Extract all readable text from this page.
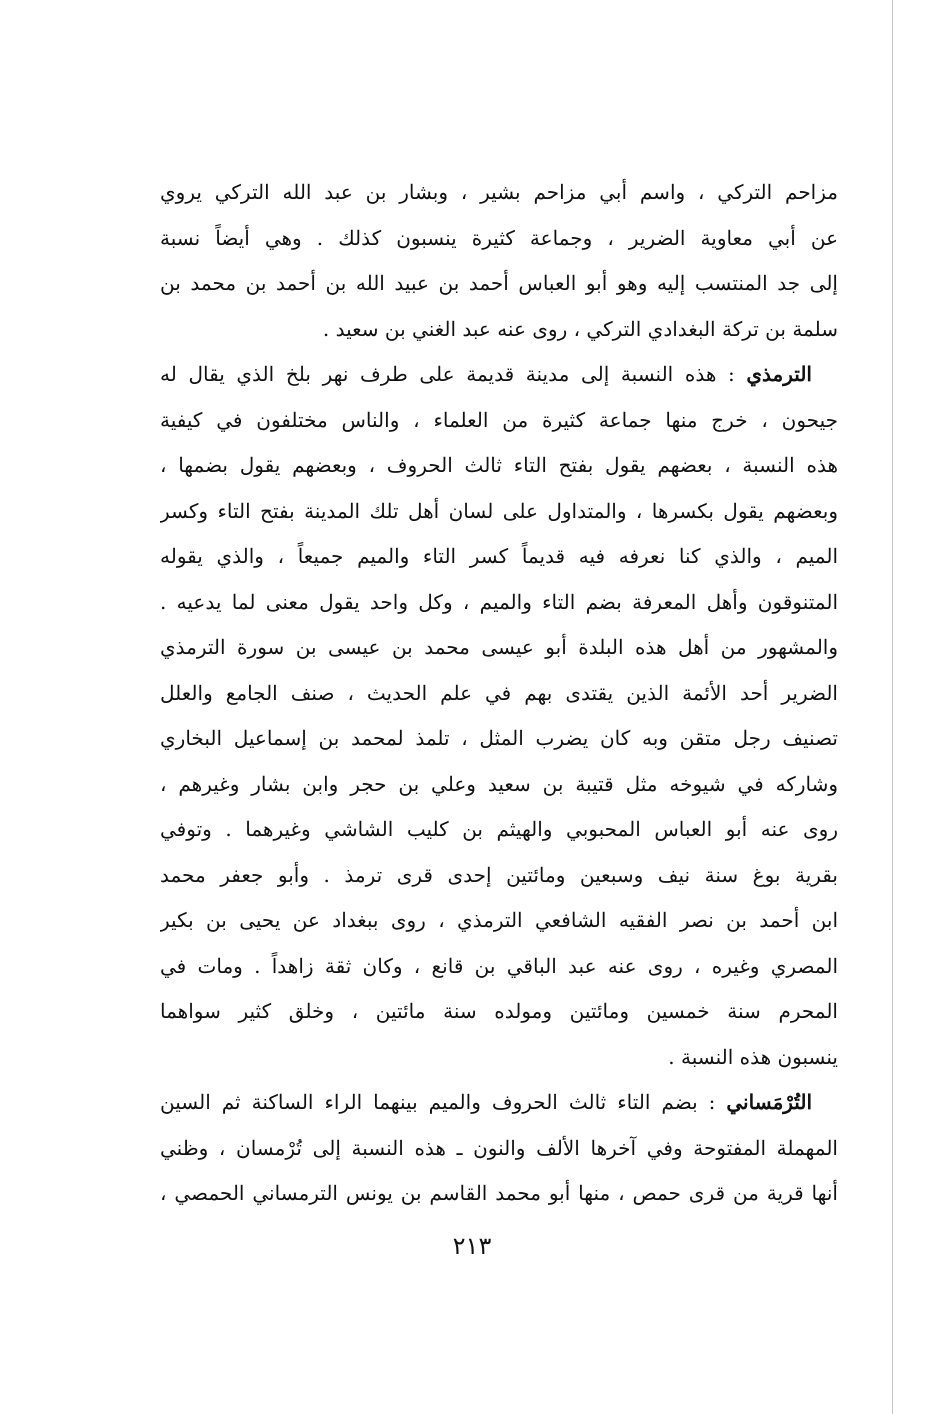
مزاحم التركي ، واسم أبي مزاحم بشير ، وبشار بن عبد الله التركي يروي
عن أبي معاوية الضرير ، وجماعة كثيرة ينسبون كذلك . وهي أيضاً نسبة
إلى جد المنتسب إليه وهو أبو العباس أحمد بن عبيد الله بن أحمد بن محمد بن
سلمة بن تركة البغدادي التركي ، روى عنه عبد الغني بن سعيد .
الترمذي : هذه النسبة إلى مدينة قديمة على طرف نهر بلخ الذي يقال له
جيحون ، خرج منها جماعة كثيرة من العلماء ، والناس مختلفون في كيفية
هذه النسبة ، بعضهم يقول بفتح التاء ثالث الحروف ، وبعضهم يقول بضمها ،
وبعضهم يقول بكسرها ، والمتداول على لسان أهل تلك المدينة بفتح التاء وكسر
الميم ، والذي كنا نعرفه فيه قديماً كسر التاء والميم جميعاً ، والذي يقوله
المتنوقون وأهل المعرفة بضم التاء والميم ، وكل واحد يقول معنى لما يدعيه .
والمشهور من أهل هذه البلدة أبو عيسى محمد بن عيسى بن سورة الترمذي
الضرير أحد الأئمة الذين يقتدى بهم في علم الحديث ، صنف الجامع والعلل
تصنيف رجل متقن وبه كان يضرب المثل ، تلمذ لمحمد بن إسماعيل البخاري
وشاركه في شيوخه مثل قتيبة بن سعيد وعلي بن حجر وابن بشار وغيرهم ،
روى عنه أبو العباس المحبوبي والهيثم بن كليب الشاشي وغيرهما . وتوفي
بقرية بوغ سنة نيف وسبعين ومائتين إحدى قرى ترمذ . وأبو جعفر محمد
ابن أحمد بن نصر الفقيه الشافعي الترمذي ، روى ببغداد عن يحيى بن بكير
المصري وغيره ، روى عنه عبد الباقي بن قانع ، وكان ثقة زاهداً . ومات في
المحرم سنة خمسين ومائتين ومولده سنة مائتين ، وخلق كثير سواهما
ينسبون هذه النسبة .
التُرْمَساني : بضم التاء ثالث الحروف والميم بينهما الراء الساكنة ثم السين
المهملة المفتوحة وفي آخرها الألف والنون ـ هذه النسبة إلى تُرْمسان ، وظني
أنها قرية من قرى حمص ، منها أبو محمد القاسم بن يونس الترمساني الحمصي ،
٢١٣
